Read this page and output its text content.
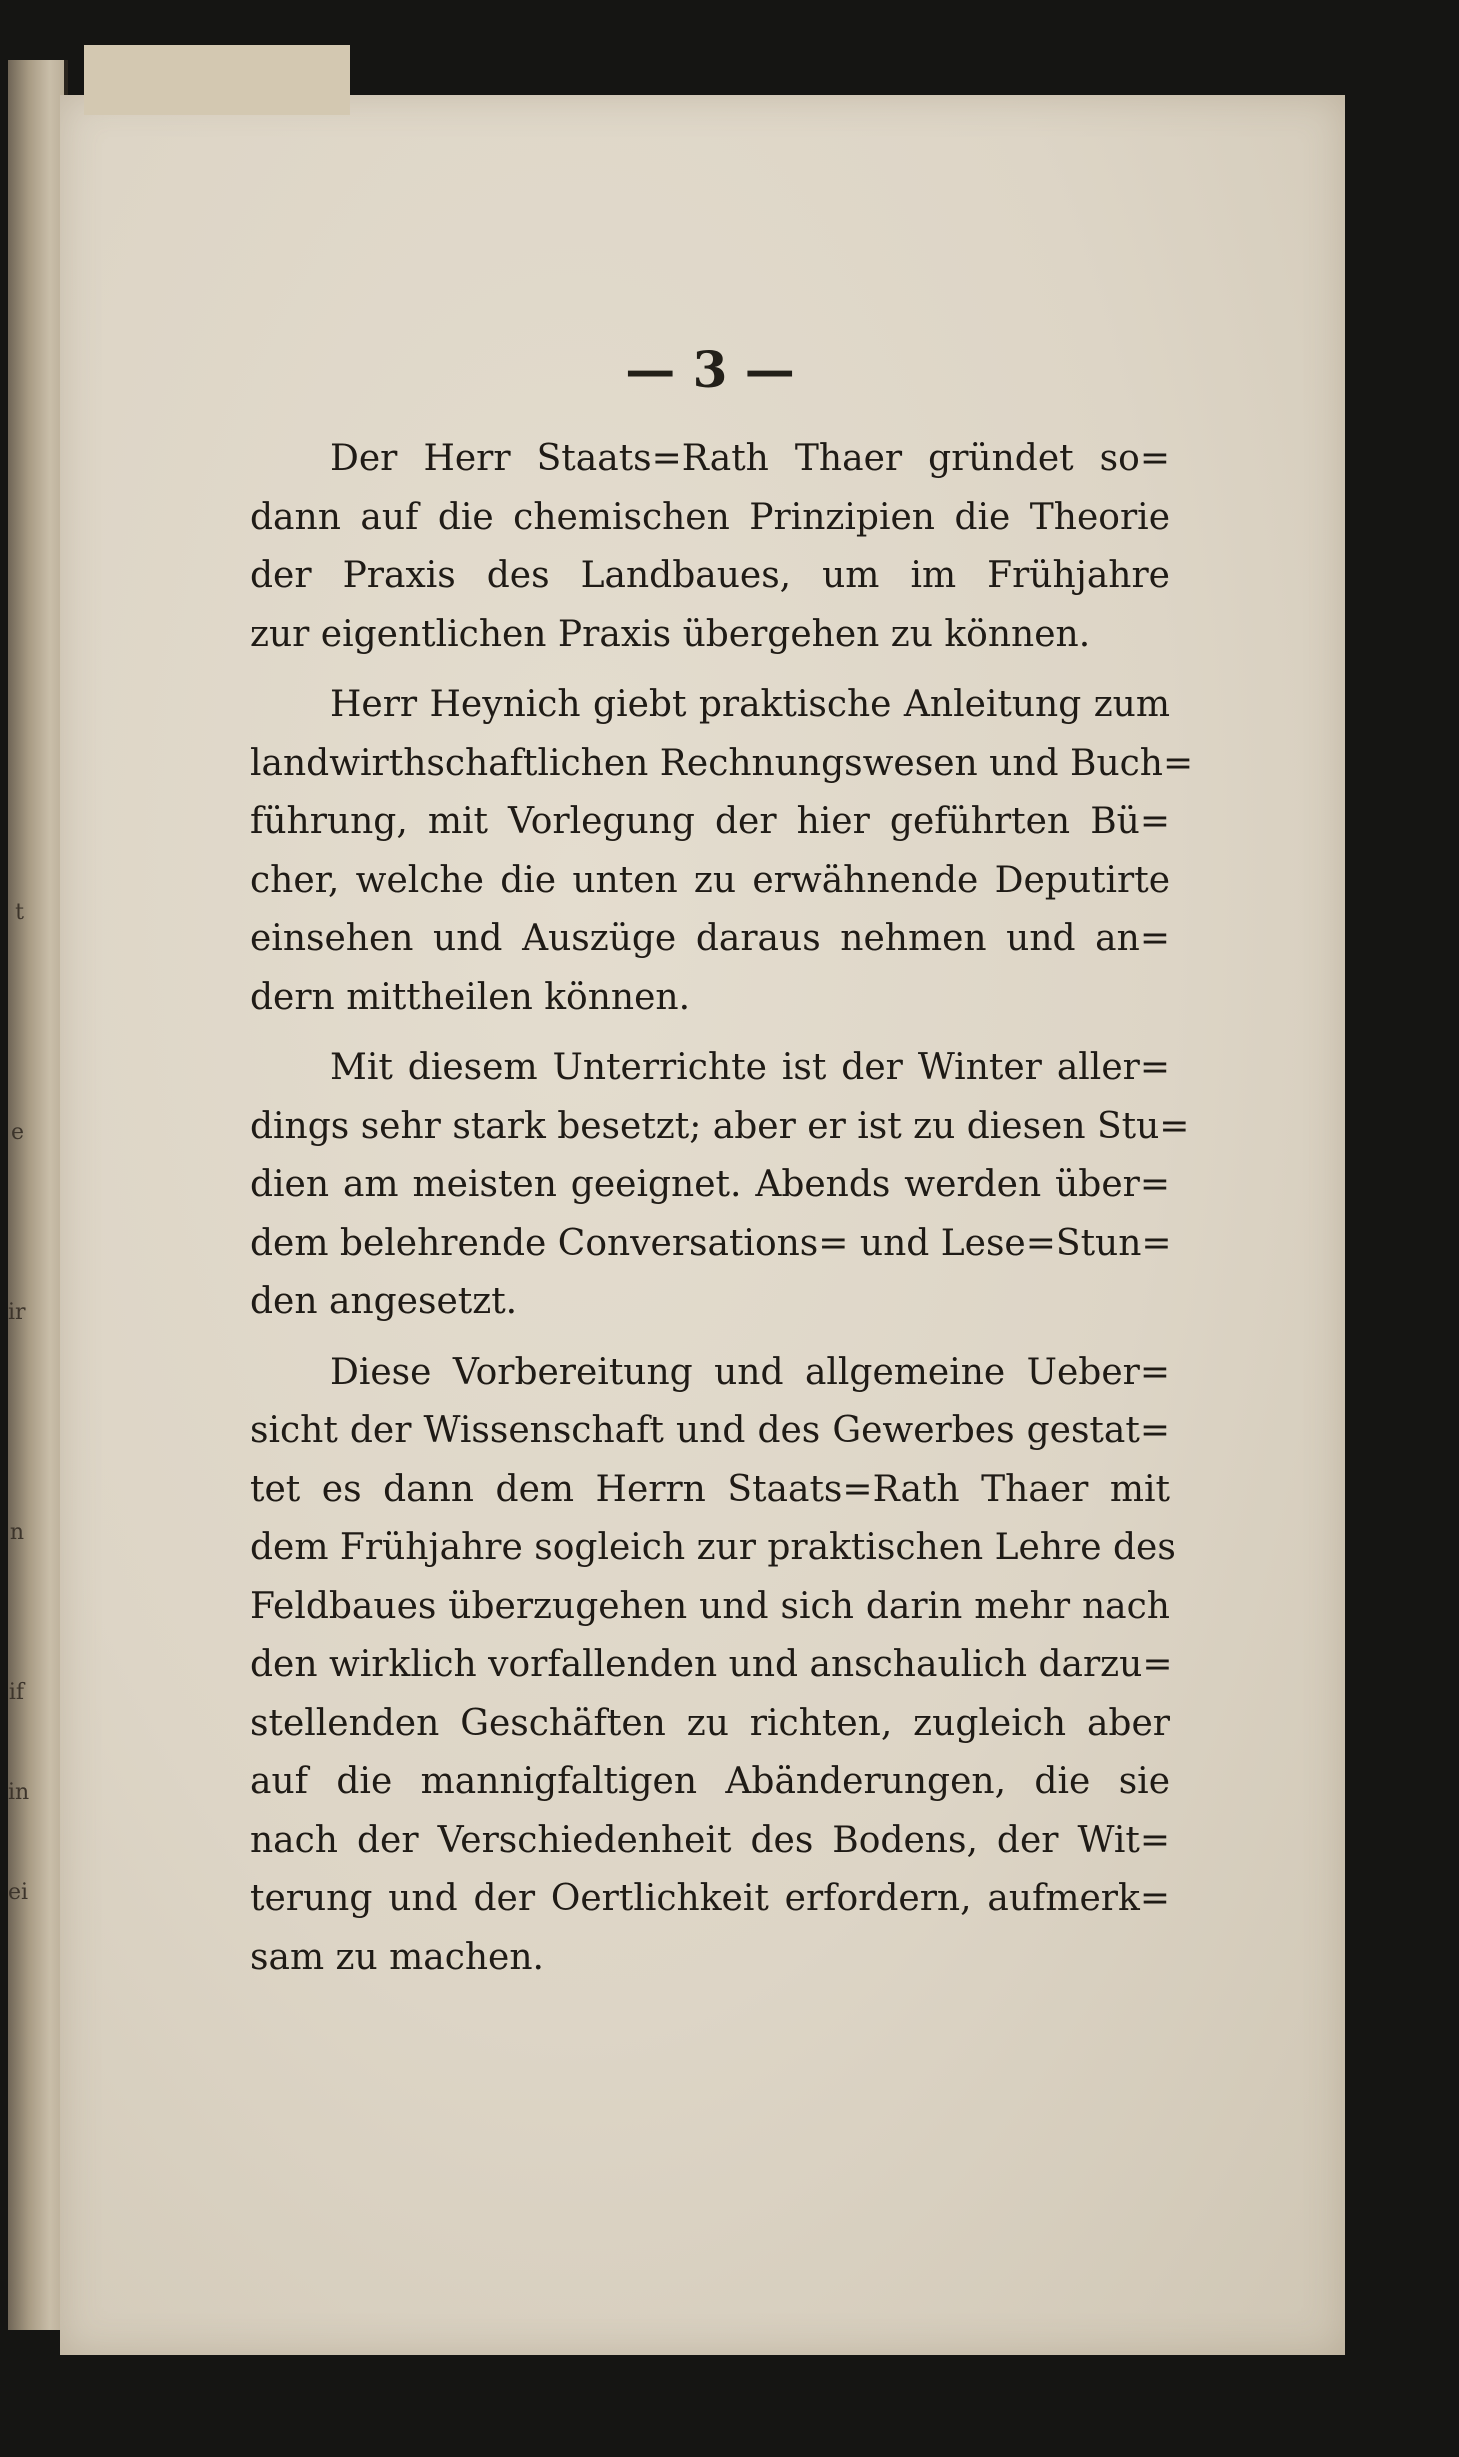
t
e
ir
n
if
in
ei
— 3 —
Der Herr Staats=Rath Thaer gründet so=
dann auf die chemischen Prinzipien die Theorie
der Praxis des Landbaues, um im Frühjahre
zur eigentlichen Praxis übergehen zu können.
Herr Heynich giebt praktische Anleitung zum
landwirthschaftlichen Rechnungswesen und Buch=
führung, mit Vorlegung der hier geführten Bü=
cher, welche die unten zu erwähnende Deputirte
einsehen und Auszüge daraus nehmen und an=
dern mittheilen können.
Mit diesem Unterrichte ist der Winter aller=
dings sehr stark besetzt; aber er ist zu diesen Stu=
dien am meisten geeignet. Abends werden über=
dem belehrende Conversations= und Lese=Stun=
den angesetzt.
Diese Vorbereitung und allgemeine Ueber=
sicht der Wissenschaft und des Gewerbes gestat=
tet es dann dem Herrn Staats=Rath Thaer mit
dem Frühjahre sogleich zur praktischen Lehre des
Feldbaues überzugehen und sich darin mehr nach
den wirklich vorfallenden und anschaulich darzu=
stellenden Geschäften zu richten, zugleich aber
auf die mannigfaltigen Abänderungen, die sie
nach der Verschiedenheit des Bodens, der Wit=
terung und der Oertlichkeit erfordern, aufmerk=
sam zu machen.
